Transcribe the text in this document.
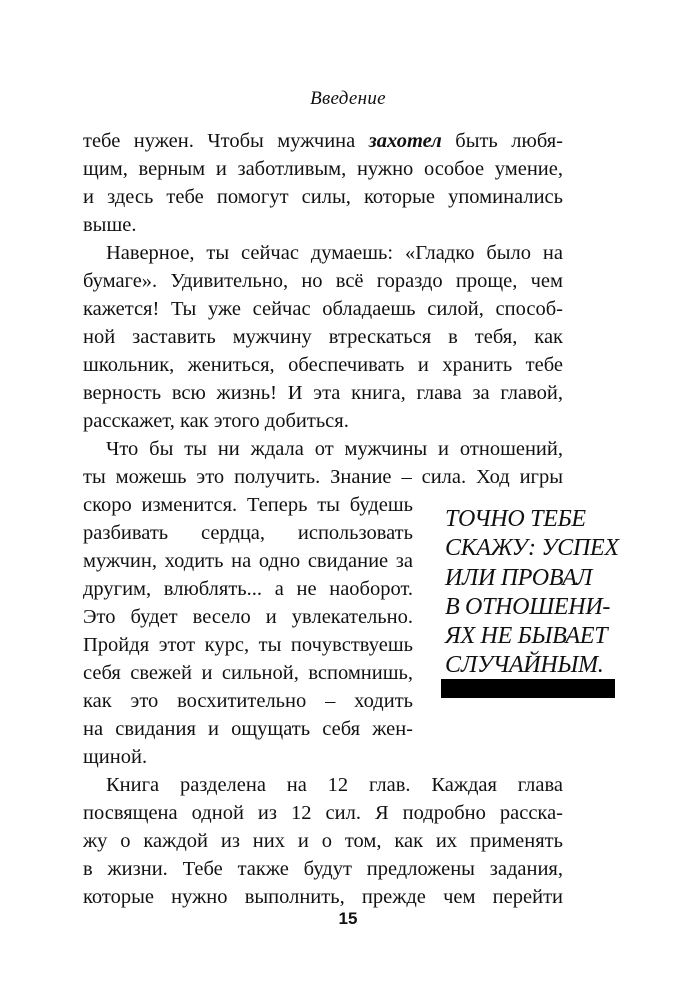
Введение
тебе нужен. Чтобы мужчина захотел быть любя-
щим, верным и заботливым, нужно особое умение,
и здесь тебе помогут силы, которые упоминались
выше.
Наверное, ты сейчас думаешь: «Гладко было на
бумаге». Удивительно, но всё гораздо проще, чем
кажется! Ты уже сейчас обладаешь силой, способ-
ной заставить мужчину втрескаться в тебя, как
школьник, жениться, обеспечивать и хранить тебе
верность всю жизнь! И эта книга, глава за главой,
расскажет, как этого добиться.
Что бы ты ни ждала от мужчины и отношений,
ты можешь это получить. Знание – сила. Ход игры
скоро изменится. Теперь ты будешь
разбивать сердца, использовать
мужчин, ходить на одно свидание за
другим, влюблять... а не наоборот.
Это будет весело и увлекательно.
Пройдя этот курс, ты почувствуешь
себя свежей и сильной, вспомнишь,
как это восхитительно – ходить
на свидания и ощущать себя жен-
щиной.
Книга разделена на 12 глав. Каждая глава
посвящена одной из 12 сил. Я подробно расска-
жу о каждой из них и о том, как их применять
в жизни. Тебе также будут предложены задания,
которые нужно выполнить, прежде чем перейти
ТОЧНО ТЕБЕ
СКАЖУ: УСПЕХ
ИЛИ ПРОВАЛ
В ОТНОШЕНИ-
ЯХ НЕ БЫВАЕТ
СЛУЧАЙНЫМ.
15
